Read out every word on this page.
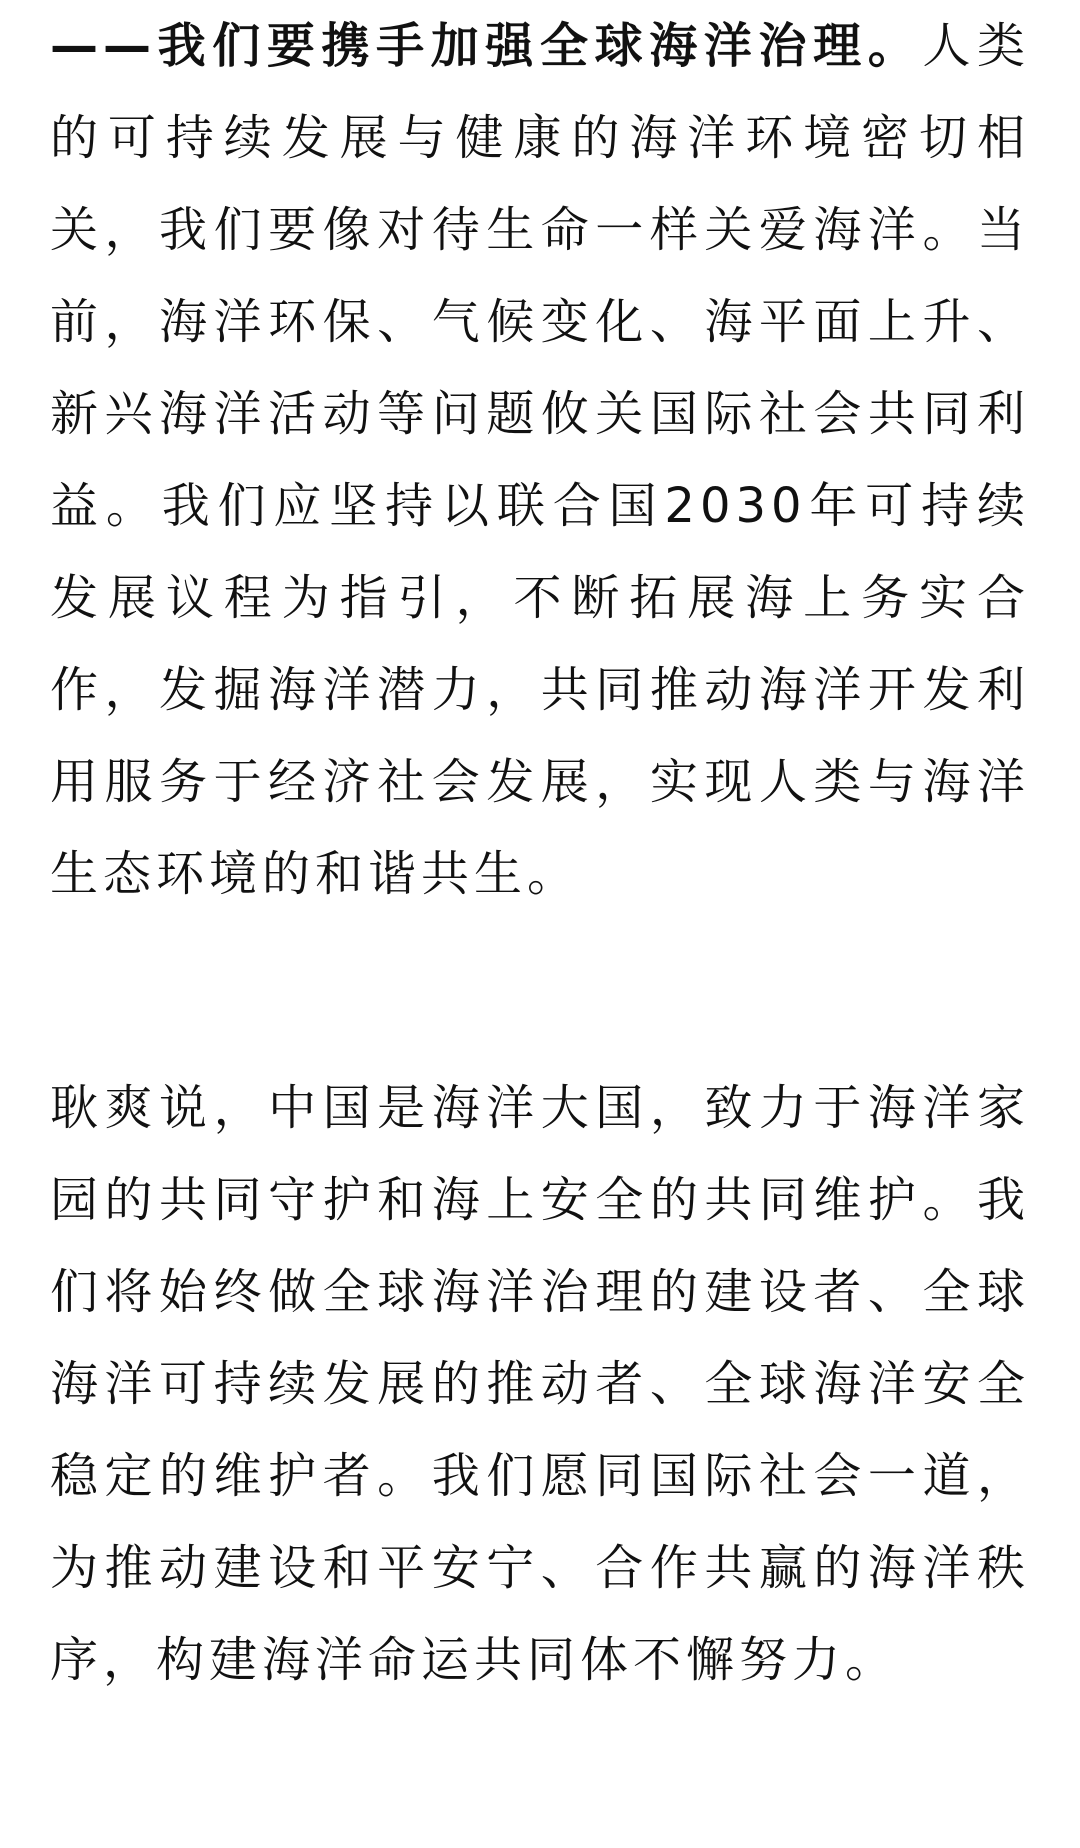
——我们要携手加强全球海洋治理。人类的可持续发展与健康的海洋环境密切相关，我们要像对待生命一样关爱海洋。当前，海洋环保、气候变化、海平面上升、新兴海洋活动等问题攸关国际社会共同利益。我们应坚持以联合国2030年可持续发展议程为指引，不断拓展海上务实合作，发掘海洋潜力，共同推动海洋开发利用服务于经济社会发展，实现人类与海洋生态环境的和谐共生。

耿爽说，中国是海洋大国，致力于海洋家园的共同守护和海上安全的共同维护。我们将始终做全球海洋治理的建设者、全球海洋可持续发展的推动者、全球海洋安全稳定的维护者。我们愿同国际社会一道，为推动建设和平安宁、合作共赢的海洋秩序，构建海洋命运共同体不懈努力。
